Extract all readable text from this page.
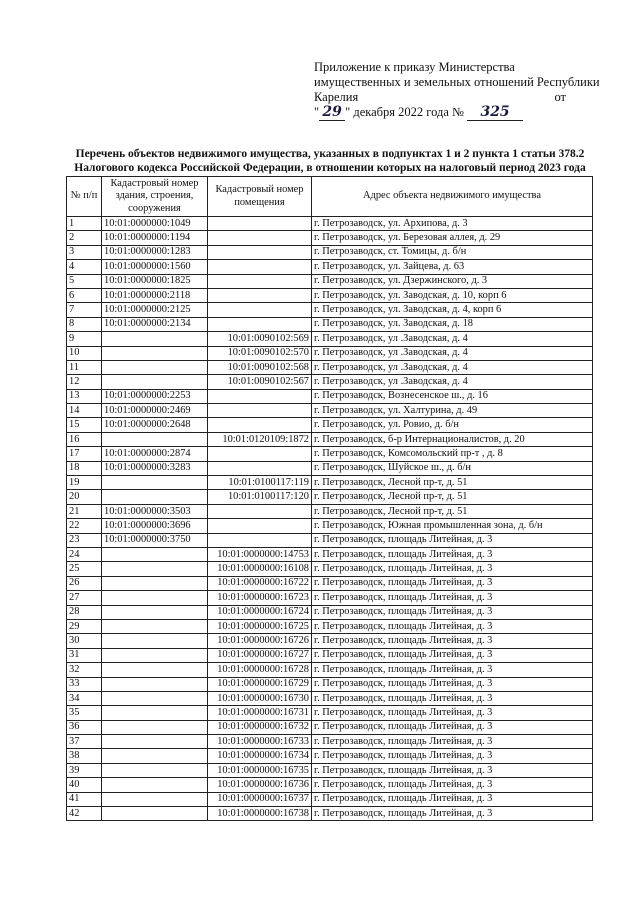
Приложение к приказу Министерства
имущественных и земельных отношений Республики
Карелия	от
" 29 " декабря 2022 года № 325
Перечень объектов недвижимого имущества, указанных в подпунктах 1 и 2 пункта 1 статьи 378.2
Налогового кодекса Российской Федерации, в отношении которых на налоговый период 2023 года
№ п/п	Кадастровый номер здания, строения, сооружения	Кадастровый номер помещения	Адрес объекта недвижимого имущества
1	10:01:0000000:1049		г. Петрозаводск, ул. Архипова, д. 3
2	10:01:0000000:1194		г. Петрозаводск, ул. Березовая аллея, д. 29
3	10:01:0000000:1283		г. Петрозаводск, ст. Томицы, д. б/н
4	10:01:0000000:1560		г. Петрозаводск, ул. Зайцева, д. 63
5	10:01:0000000:1825		г. Петрозаводск, ул. Дзержинского, д. 3
6	10:01:0000000:2118		г. Петрозаводск, ул. Заводская, д. 10, корп 6
7	10:01:0000000:2125		г. Петрозаводск, ул. Заводская, д. 4, корп 6
8	10:01:0000000:2134		г. Петрозаводск, ул. Заводская, д. 18
9		10:01:0090102:569	г. Петрозаводск, ул .Заводская, д. 4
10		10:01:0090102:570	г. Петрозаводск, ул .Заводская, д. 4
11		10:01:0090102:568	г. Петрозаводск, ул .Заводская, д. 4
12		10:01:0090102:567	г. Петрозаводск, ул .Заводская, д. 4
13	10:01:0000000:2253		г. Петрозаводск, Вознесенское ш., д. 16
14	10:01:0000000:2469		г. Петрозаводск, ул. Халтурина, д. 49
15	10:01:0000000:2648		г. Петрозаводск, ул. Ровио, д. б/н
16		10:01:0120109:1872	г. Петрозаводск, б-р Интернационалистов, д. 20
17	10:01:0000000:2874		г. Петрозаводск, Комсомольский пр-т , д. 8
18	10:01:0000000:3283		г. Петрозаводск, Шуйское ш., д. б/н
19		10:01:0100117:119	г. Петрозаводск, Лесной пр-т, д. 51
20		10:01:0100117:120	г. Петрозаводск, Лесной пр-т, д. 51
21	10:01:0000000:3503		г. Петрозаводск, Лесной пр-т, д. 51
22	10:01:0000000:3696		г. Петрозаводск, Южная промышленная зона, д. б/н
23	10:01:0000000:3750		г. Петрозаводск, площадь Литейная, д. 3
24		10:01:0000000:14753	г. Петрозаводск, площадь Литейная, д. 3
25		10:01:0000000:16108	г. Петрозаводск, площадь Литейная, д. 3
26		10:01:0000000:16722	г. Петрозаводск, площадь Литейная, д. 3
27		10:01:0000000:16723	г. Петрозаводск, площадь Литейная, д. 3
28		10:01:0000000:16724	г. Петрозаводск, площадь Литейная, д. 3
29		10:01:0000000:16725	г. Петрозаводск, площадь Литейная, д. 3
30		10:01:0000000:16726	г. Петрозаводск, площадь Литейная, д. 3
31		10:01:0000000:16727	г. Петрозаводск, площадь Литейная, д. 3
32		10:01:0000000:16728	г. Петрозаводск, площадь Литейная, д. 3
33		10:01:0000000:16729	г. Петрозаводск, площадь Литейная, д. 3
34		10:01:0000000:16730	г. Петрозаводск, площадь Литейная, д. 3
35		10:01:0000000:16731	г. Петрозаводск, площадь Литейная, д. 3
36		10:01:0000000:16732	г. Петрозаводск, площадь Литейная, д. 3
37		10:01:0000000:16733	г. Петрозаводск, площадь Литейная, д. 3
38		10:01:0000000:16734	г. Петрозаводск, площадь Литейная, д. 3
39		10:01:0000000:16735	г. Петрозаводск, площадь Литейная, д. 3
40		10:01:0000000:16736	г. Петрозаводск, площадь Литейная, д. 3
41		10:01:0000000:16737	г. Петрозаводск, площадь Литейная, д. 3
42		10:01:0000000:16738	г. Петрозаводск, площадь Литейная, д. 3
